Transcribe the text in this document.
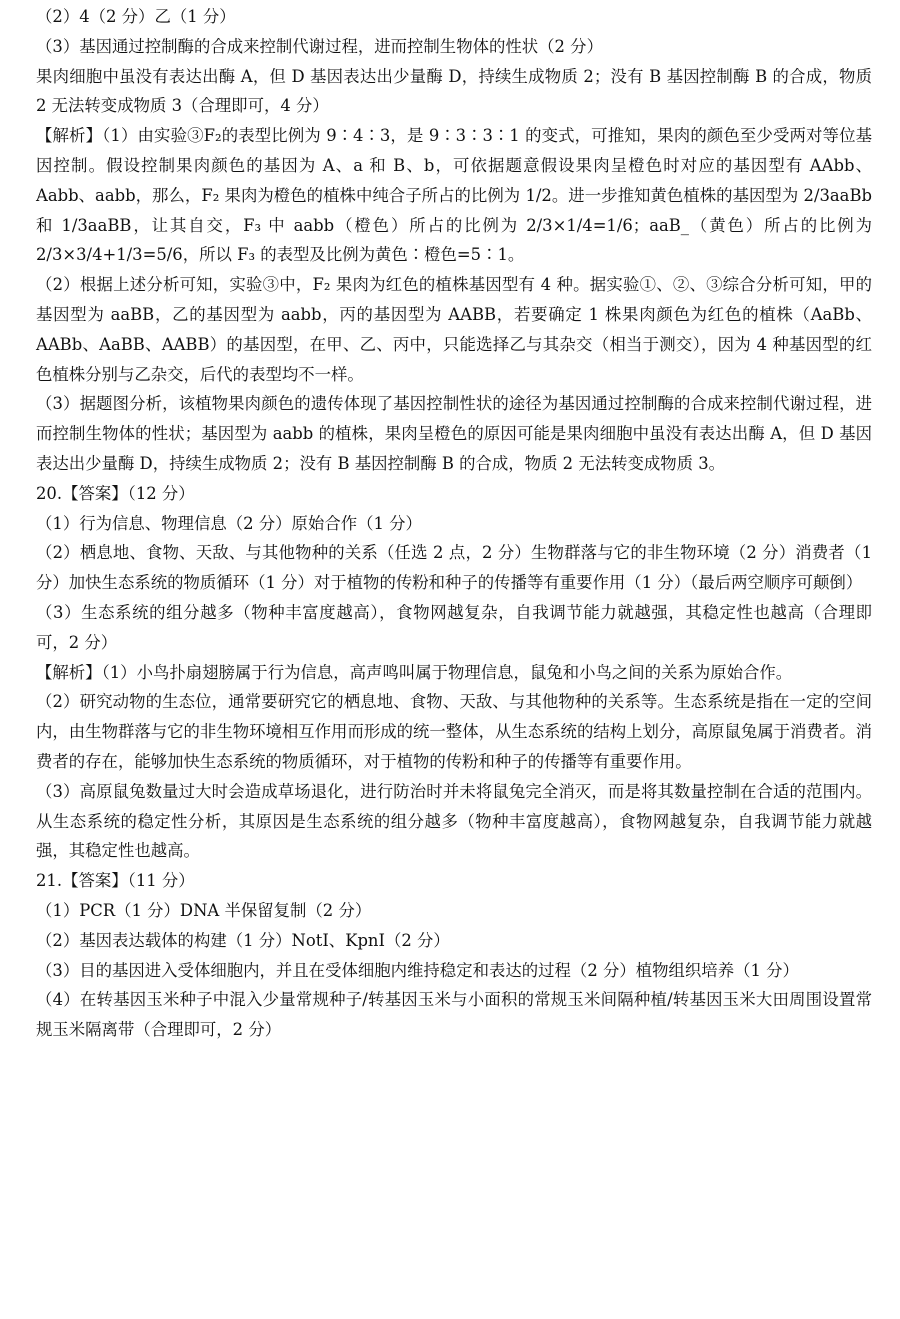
（2）4（2 分）乙（1 分）

（3）基因通过控制酶的合成来控制代谢过程，进而控制生物体的性状（2 分）

果肉细胞中虽没有表达出酶 A，但 D 基因表达出少量酶 D，持续生成物质 2；没有 B 基因控制酶 B 的合成，物质 2 无法转变成物质 3（合理即可，4 分）

【解析】（1）由实验③F₂的表型比例为 9∶4∶3，是 9∶3∶3∶1 的变式，可推知，果肉的颜色至少受两对等位基因控制。假设控制果肉颜色的基因为 A、a 和 B、b，可依据题意假设果肉呈橙色时对应的基因型有 AAbb、Aabb、aabb，那么，F₂ 果肉为橙色的植株中纯合子所占的比例为 1/2。进一步推知黄色植株的基因型为 2/3aaBb 和 1/3aaBB，让其自交，F₃ 中 aabb（橙色）所占的比例为 2/3×1/4=1/6；aaB_（黄色）所占的比例为 2/3×3/4+1/3=5/6，所以 F₃ 的表型及比例为黄色∶橙色=5∶1。

（2）根据上述分析可知，实验③中，F₂ 果肉为红色的植株基因型有 4 种。据实验①、②、③综合分析可知，甲的基因型为 aaBB，乙的基因型为 aabb，丙的基因型为 AABB，若要确定 1 株果肉颜色为红色的植株（AaBb、AABb、AaBB、AABB）的基因型，在甲、乙、丙中，只能选择乙与其杂交（相当于测交），因为 4 种基因型的红色植株分别与乙杂交，后代的表型均不一样。

（3）据题图分析，该植物果肉颜色的遗传体现了基因控制性状的途径为基因通过控制酶的合成来控制代谢过程，进而控制生物体的性状；基因型为 aabb 的植株，果肉呈橙色的原因可能是果肉细胞中虽没有表达出酶 A，但 D 基因表达出少量酶 D，持续生成物质 2；没有 B 基因控制酶 B 的合成，物质 2 无法转变成物质 3。

20.【答案】（12 分）

（1）行为信息、物理信息（2 分）原始合作（1 分）

（2）栖息地、食物、天敌、与其他物种的关系（任选 2 点，2 分）生物群落与它的非生物环境（2 分）消费者（1 分）加快生态系统的物质循环（1 分）对于植物的传粉和种子的传播等有重要作用（1 分）（最后两空顺序可颠倒）

（3）生态系统的组分越多（物种丰富度越高），食物网越复杂，自我调节能力就越强，其稳定性也越高（合理即可，2 分）

【解析】（1）小鸟扑扇翅膀属于行为信息，高声鸣叫属于物理信息，鼠兔和小鸟之间的关系为原始合作。

（2）研究动物的生态位，通常要研究它的栖息地、食物、天敌、与其他物种的关系等。生态系统是指在一定的空间内，由生物群落与它的非生物环境相互作用而形成的统一整体，从生态系统的结构上划分，高原鼠兔属于消费者。消费者的存在，能够加快生态系统的物质循环，对于植物的传粉和种子的传播等有重要作用。

（3）高原鼠兔数量过大时会造成草场退化，进行防治时并未将鼠兔完全消灭，而是将其数量控制在合适的范围内。从生态系统的稳定性分析，其原因是生态系统的组分越多（物种丰富度越高），食物网越复杂，自我调节能力就越强，其稳定性也越高。

21.【答案】（11 分）

（1）PCR（1 分）DNA 半保留复制（2 分）

（2）基因表达载体的构建（1 分）NotI、KpnI（2 分）

（3）目的基因进入受体细胞内，并且在受体细胞内维持稳定和表达的过程（2 分）植物组织培养（1 分）

（4）在转基因玉米种子中混入少量常规种子/转基因玉米与小面积的常规玉米间隔种植/转基因玉米大田周围设置常规玉米隔离带（合理即可，2 分）
